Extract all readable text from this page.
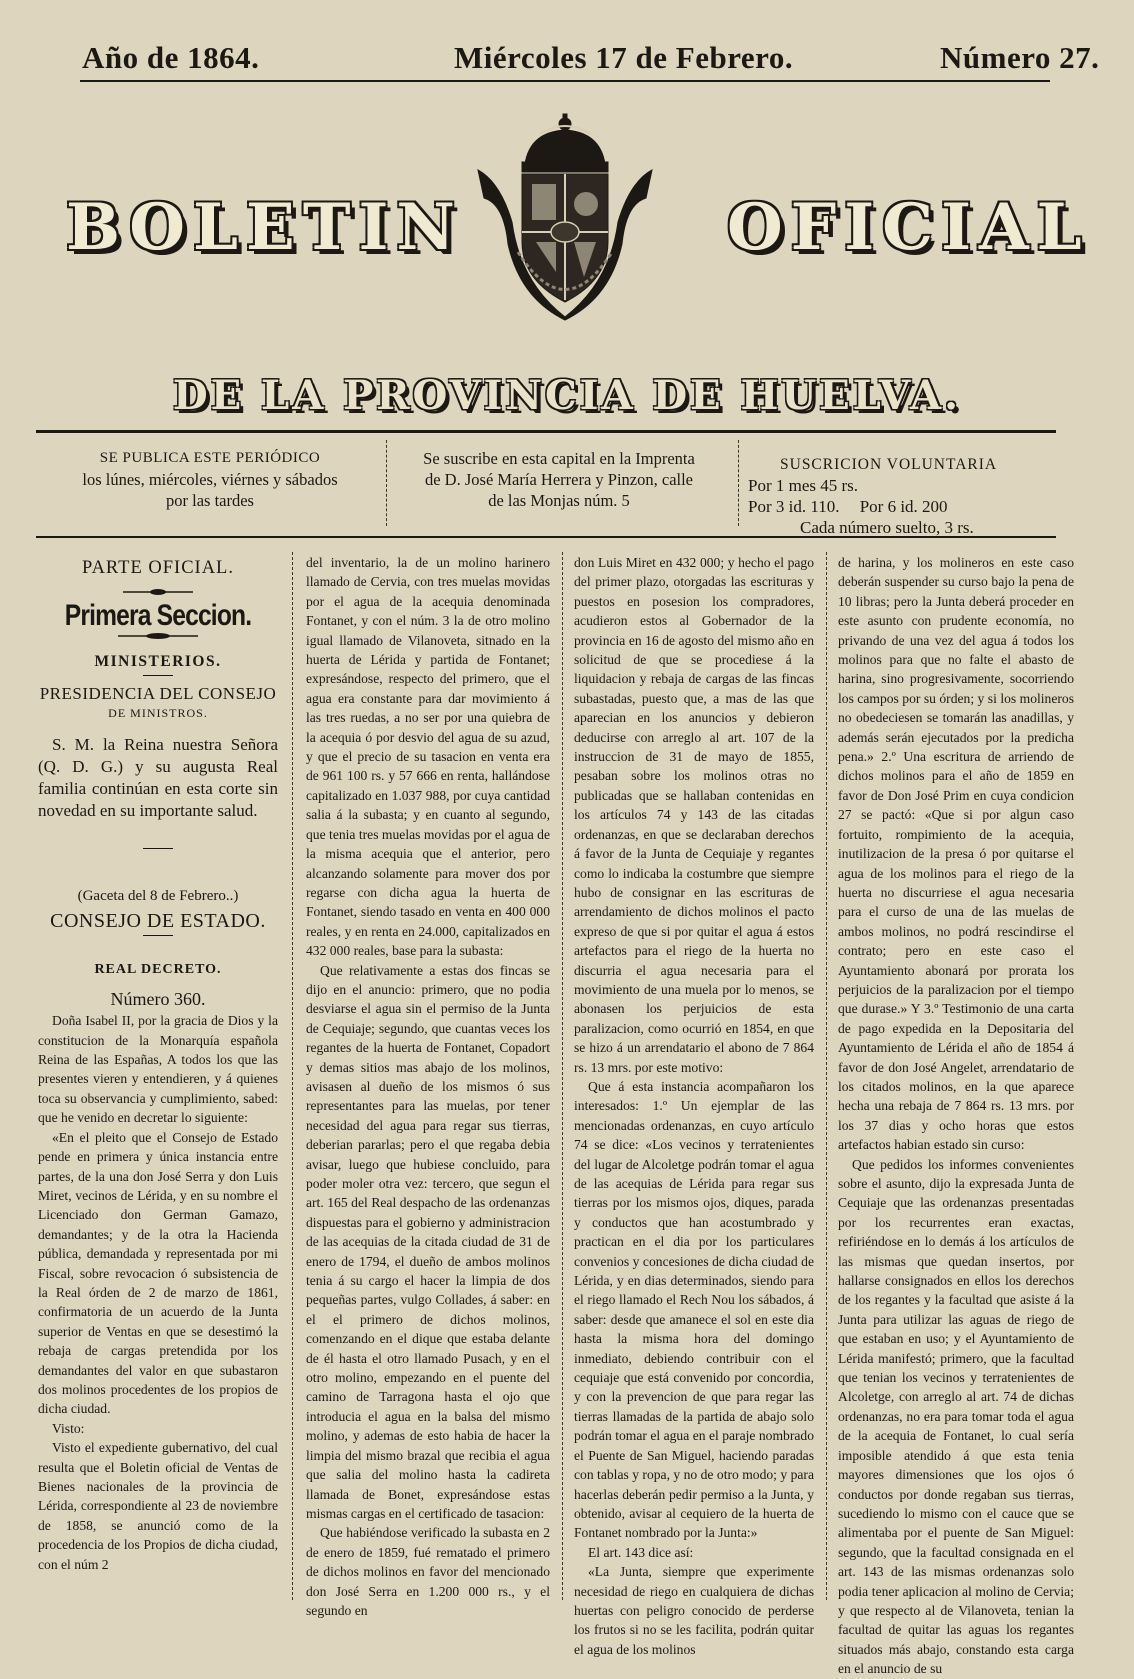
Año de 1864.	Miércoles 17 de Febrero.	Número 27.
BOLETIN	OFICIAL
DE LA PROVINCIA DE HUELVA.
SE PUBLICA ESTE PERIÓDICO
los lúnes, miércoles, viérnes y sábados
por las tardes
Se suscribe en esta capital en la Imprenta
de D. José María Herrera y Pinzon, calle
de las Monjas núm. 5
SUSCRICION VOLUNTARIA
Por 1 mes 45 rs.
Por 3 id. 110. Por 6 id. 200
Cada número suelto, 3 rs.
PARTE OFICIAL.
Primera Seccion.
MINISTERIOS.
PRESIDENCIA DEL CONSEJO
DE MINISTROS.

S. M. la Reina nuestra Señora (Q. D. G.) y su augusta Real familia continúan en esta corte sin novedad en su importante salud.

(Gaceta del 8 de Febrero..)
CONSEJO DE ESTADO.
REAL DECRETO.
Número 360.

Doña Isabel II, por la gracia de Dios y la constitucion de la Monarquía española Reina de las Españas, A todos los que las presentes vieren y entendieren, y á quienes toca su observancia y cumplimiento, sabed: que he venido en decretar lo siguiente:

«En el pleito que el Consejo de Estado pende en primera y única instancia entre partes, de la una don José Serra y don Luis Miret, vecinos de Lérida, y en su nombre el Licenciado don German Gamazo, demandantes; y de la otra la Hacienda pública, demandada y representada por mi Fiscal, sobre revocacion ó subsistencia de la Real órden de 2 de marzo de 1861, confirmatoria de un acuerdo de la Junta superior de Ventas en que se desestimó la rebaja de cargas pretendida por los demandantes del valor en que subastaron dos molinos procedentes de los propios de dicha ciudad.

Visto:

Visto el expediente gubernativo, del cual resulta que el Boletin oficial de Ventas de Bienes nacionales de la provincia de Lérida, correspondiente al 23 de noviembre de 1858, se anunció como de la procedencia de los Propios de dicha ciudad, con el núm 2

del inventario, la de un molino harinero llamado de Cervia, con tres muelas movidas por el agua de la acequia denominada Fontanet, y con el núm. 3 la de otro molino igual llamado de Vilanoveta, sitnado en la huerta de Lérida y partida de Fontanet; expresándose, respecto del primero, que el agua era constante para dar movimiento á las tres ruedas, a no ser por una quiebra de la acequia ó por desvio del agua de su azud, y que el precio de su tasacion en venta era de 961 100 rs. y 57 666 en renta, hallándose capitalizado en 1.037 988, por cuya cantidad salia á la subasta; y en cuanto al segundo, que tenia tres muelas movidas por el agua de la misma acequia que el anterior, pero alcanzando solamente para mover dos por regarse con dicha agua la huerta de Fontanet, siendo tasado en venta en 400 000 reales, y en renta en 24.000, capitalizados en 432 000 reales, base para la subasta:

Que relativamente a estas dos fincas se dijo en el anuncio: primero, que no podia desviarse el agua sin el permiso de la Junta de Cequiaje; segundo, que cuantas veces los regantes de la huerta de Fontanet, Copadort y demas sitios mas abajo de los molinos, avisasen al dueño de los mismos ó sus representantes para las muelas, por tener necesidad del agua para regar sus tierras, deberian pararlas; pero el que regaba debia avisar, luego que hubiese concluido, para poder moler otra vez: tercero, que segun el art. 165 del Real despacho de las ordenanzas dispuestas para el gobierno y administracion de las acequias de la citada ciudad de 31 de enero de 1794, el dueño de ambos molinos tenia á su cargo el hacer la limpia de dos pequeñas partes, vulgo Collades, á saber: en el el primero de dichos molinos, comenzando en el dique que estaba delante de él hasta el otro llamado Pusach, y en el otro molino, empezando en el puente del camino de Tarragona hasta el ojo que introducia el agua en la balsa del mismo molino, y ademas de esto habia de hacer la limpia del mismo brazal que recibia el agua que salia del molino hasta la cadireta llamada de Bonet, expresándose estas mismas cargas en el certificado de tasacion:

Que habiéndose verificado la subasta en 2 de enero de 1859, fué rematado el primero de dichos molinos en favor del mencionado don José Serra en 1.200 000 rs., y el segundo en

don Luis Miret en 432 000; y hecho el pago del primer plazo, otorgadas las escrituras y puestos en posesion los compradores, acudieron estos al Gobernador de la provincia en 16 de agosto del mismo año en solicitud de que se procediese á la liquidacion y rebaja de cargas de las fincas subastadas, puesto que, a mas de las que aparecian en los anuncios y debieron deducirse con arreglo al art. 107 de la instruccion de 31 de mayo de 1855, pesaban sobre los molinos otras no publicadas que se hallaban contenidas en los artículos 74 y 143 de las citadas ordenanzas, en que se declaraban derechos á favor de la Junta de Cequiaje y regantes como lo indicaba la costumbre que siempre hubo de consignar en las escrituras de arrendamiento de dichos molinos el pacto expreso de que si por quitar el agua á estos artefactos para el riego de la huerta no discurria el agua necesaria para el movimiento de una muela por lo menos, se abonasen los perjuicios de esta paralizacion, como ocurrió en 1854, en que se hizo á un arrendatario el abono de 7 864 rs. 13 mrs. por este motivo:

Que á esta instancia acompañaron los interesados: 1.º Un ejemplar de las mencionadas ordenanzas, en cuyo artículo 74 se dice: «Los vecinos y terratenientes del lugar de Alcoletge podrán tomar el agua de las acequias de Lérida para regar sus tierras por los mismos ojos, diques, parada y conductos que han acostumbrado y practican en el dia por los particulares convenios y concesiones de dicha ciudad de Lérida, y en dias determinados, siendo para el riego llamado el Rech Nou los sábados, á saber: desde que amanece el sol en este dia hasta la misma hora del domingo inmediato, debiendo contribuir con el cequiaje que está convenido por concordia, y con la prevencion de que para regar las tierras llamadas de la partida de abajo solo podrán tomar el agua en el paraje nombrado el Puente de San Miguel, haciendo paradas con tablas y ropa, y no de otro modo; y para hacerlas deberán pedir permiso a la Junta, y obtenido, avisar al cequiero de la huerta de Fontanet nombrado por la Junta:»

El art. 143 dice así:

«La Junta, siempre que experimente necesidad de riego en cualquiera de dichas huertas con peligro conocido de perderse los frutos si no se les facilita, podrán quitar el agua de los molinos

de harina, y los molineros en este caso deberán suspender su curso bajo la pena de 10 libras; pero la Junta deberá proceder en este asunto con prudente economía, no privando de una vez del agua á todos los molinos para que no falte el abasto de harina, sino progresivamente, socorriendo los campos por su órden; y si los molineros no obedeciesen se tomarán las anadillas, y además serán ejecutados por la predicha pena.» 2.º Una escritura de arriendo de dichos molinos para el año de 1859 en favor de Don José Prim en cuya condicion 27 se pactó: «Que si por algun caso fortuito, rompimiento de la acequia, inutilizacion de la presa ó por quitarse el agua de los molinos para el riego de la huerta no discurriese el agua necesaria para el curso de una de las muelas de ambos molinos, no podrá rescindirse el contrato; pero en este caso el Ayuntamiento abonará por prorata los perjuicios de la paralizacion por el tiempo que durase.» Y 3.º Testimonio de una carta de pago expedida en la Depositaria del Ayuntamiento de Lérida el año de 1854 á favor de don José Angelet, arrendatario de los citados molinos, en la que aparece hecha una rebaja de 7 864 rs. 13 mrs. por los 37 dias y ocho horas que estos artefactos habian estado sin curso:

Que pedidos los informes convenientes sobre el asunto, dijo la expresada Junta de Cequiaje que las ordenanzas presentadas por los recurrentes eran exactas, refiriéndose en lo demás á los artículos de las mismas que quedan insertos, por hallarse consignados en ellos los derechos de los regantes y la facultad que asiste á la Junta para utilizar las aguas de riego de que estaban en uso; y el Ayuntamiento de Lérida manifestó; primero, que la facultad que tenian los vecinos y terratenientes de Alcoletge, con arreglo al art. 74 de dichas ordenanzas, no era para tomar toda el agua de la acequia de Fontanet, lo cual sería imposible atendido á que esta tenia mayores dimensiones que los ojos ó conductos por donde regaban sus tierras, sucediendo lo mismo con el cauce que se alimentaba por el puente de San Miguel: segundo, que la facultad consignada en el art. 143 de las mismas ordenanzas solo podia tener aplicacion al molino de Cervia; y que respecto al de Vilanoveta, tenian la facultad de quitar las aguas los regantes situados más abajo, constando esta carga en el anuncio de su
